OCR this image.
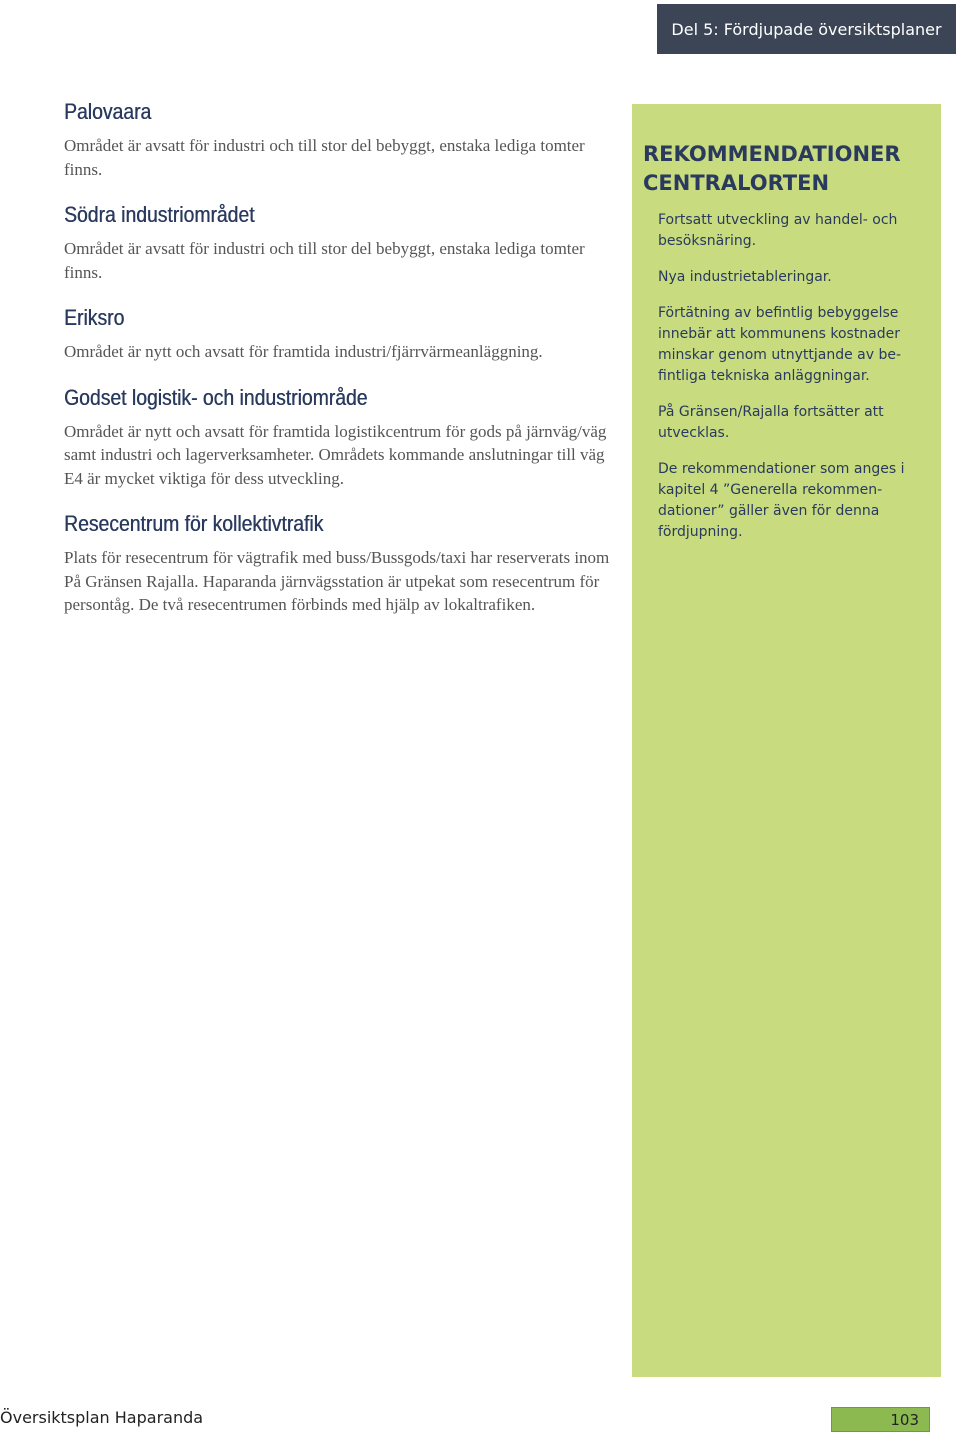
Del 5: Fördjupade översiktsplaner
Palovaara

Området är avsatt för industri och till stor del bebyggt, enstaka lediga tomter finns.

Södra industriområdet

Området är avsatt för industri och till stor del bebyggt, enstaka lediga tomter finns.

Eriksro

Området är nytt och avsatt för framtida industri/fjärrvärmeanläggning.

Godset logistik- och industriområde

Området är nytt och avsatt för framtida logistikcentrum för gods på järnväg/väg samt industri och lagerverksamheter. Områdets kommande anslutningar till väg E4 är mycket viktiga för dess utveckling.

Resecentrum för kollektivtrafik

Plats för resecentrum för vägtrafik med buss/Bussgods/taxi har reserverats inom På Gränsen Rajalla. Haparanda järnvägsstation är utpekat som resecentrum för persontåg. De två resecentrumen förbinds med hjälp av lokaltrafiken.

REKOMMENDATIONER CENTRALORTEN

Fortsatt utveckling av handel- och besöksnäring.

Nya industrietableringar.

Förtätning av befintlig bebyggelse innebär att kommunens kostnader minskar genom utnyttjande av befintliga tekniska anläggningar.

På Gränsen/Rajalla fortsätter att utvecklas.

De rekommendationer som anges i kapitel 4 ”Generella rekommendationer” gäller även för denna fördjupning.

Översiktsplan Haparanda	103
